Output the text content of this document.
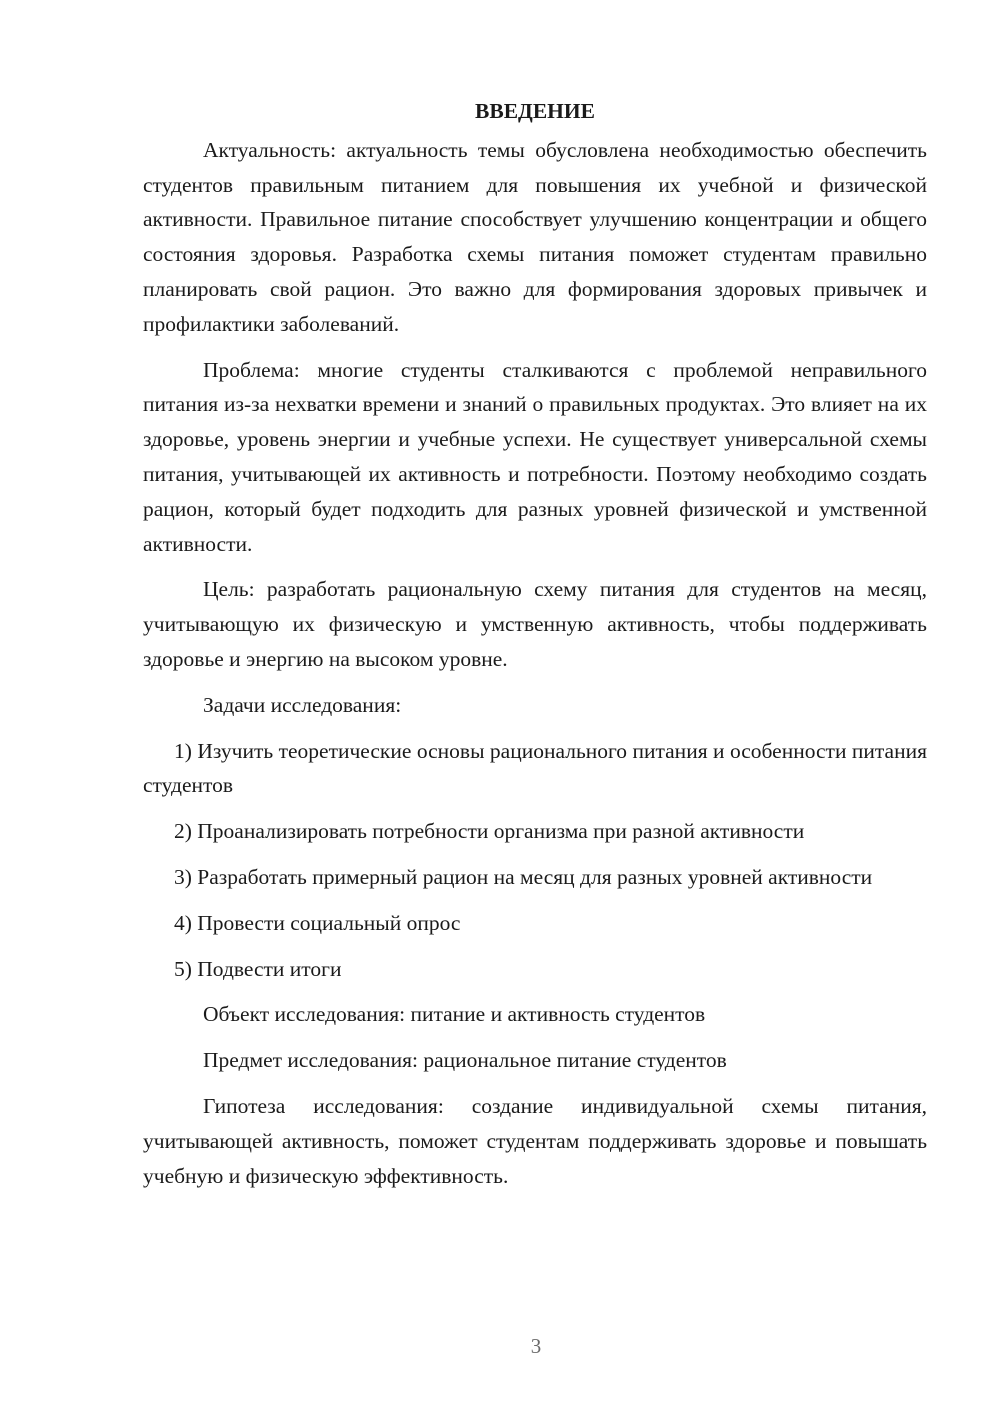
ВВЕДЕНИЕ

Актуальность: актуальность темы обусловлена необходимостью обеспечить студентов правильным питанием для повышения их учебной и физической активности. Правильное питание способствует улучшению концентрации и общего состояния здоровья. Разработка схемы питания поможет студентам правильно планировать свой рацион. Это важно для формирования здоровых привычек и профилактики заболеваний.

Проблема: многие студенты сталкиваются с проблемой неправильного питания из-за нехватки времени и знаний о правильных продуктах. Это влияет на их здоровье, уровень энергии и учебные успехи. Не существует универсальной схемы питания, учитывающей их активность и потребности. Поэтому необходимо создать рацион, который будет подходить для разных уровней физической и умственной активности.

Цель: разработать рациональную схему питания для студентов на месяц, учитывающую их физическую и умственную активность, чтобы поддерживать здоровье и энергию на высоком уровне.

Задачи исследования:

1) Изучить теоретические основы рационального питания и особенности питания студентов

2) Проанализировать потребности организма при разной активности

3) Разработать примерный рацион на месяц для разных уровней активности

4) Провести социальный опрос

5) Подвести итоги

Объект исследования: питание и активность студентов

Предмет исследования: рациональное питание студентов

Гипотеза исследования: создание индивидуальной схемы питания, учитывающей активность, поможет студентам поддерживать здоровье и повышать учебную и физическую эффективность.

3
